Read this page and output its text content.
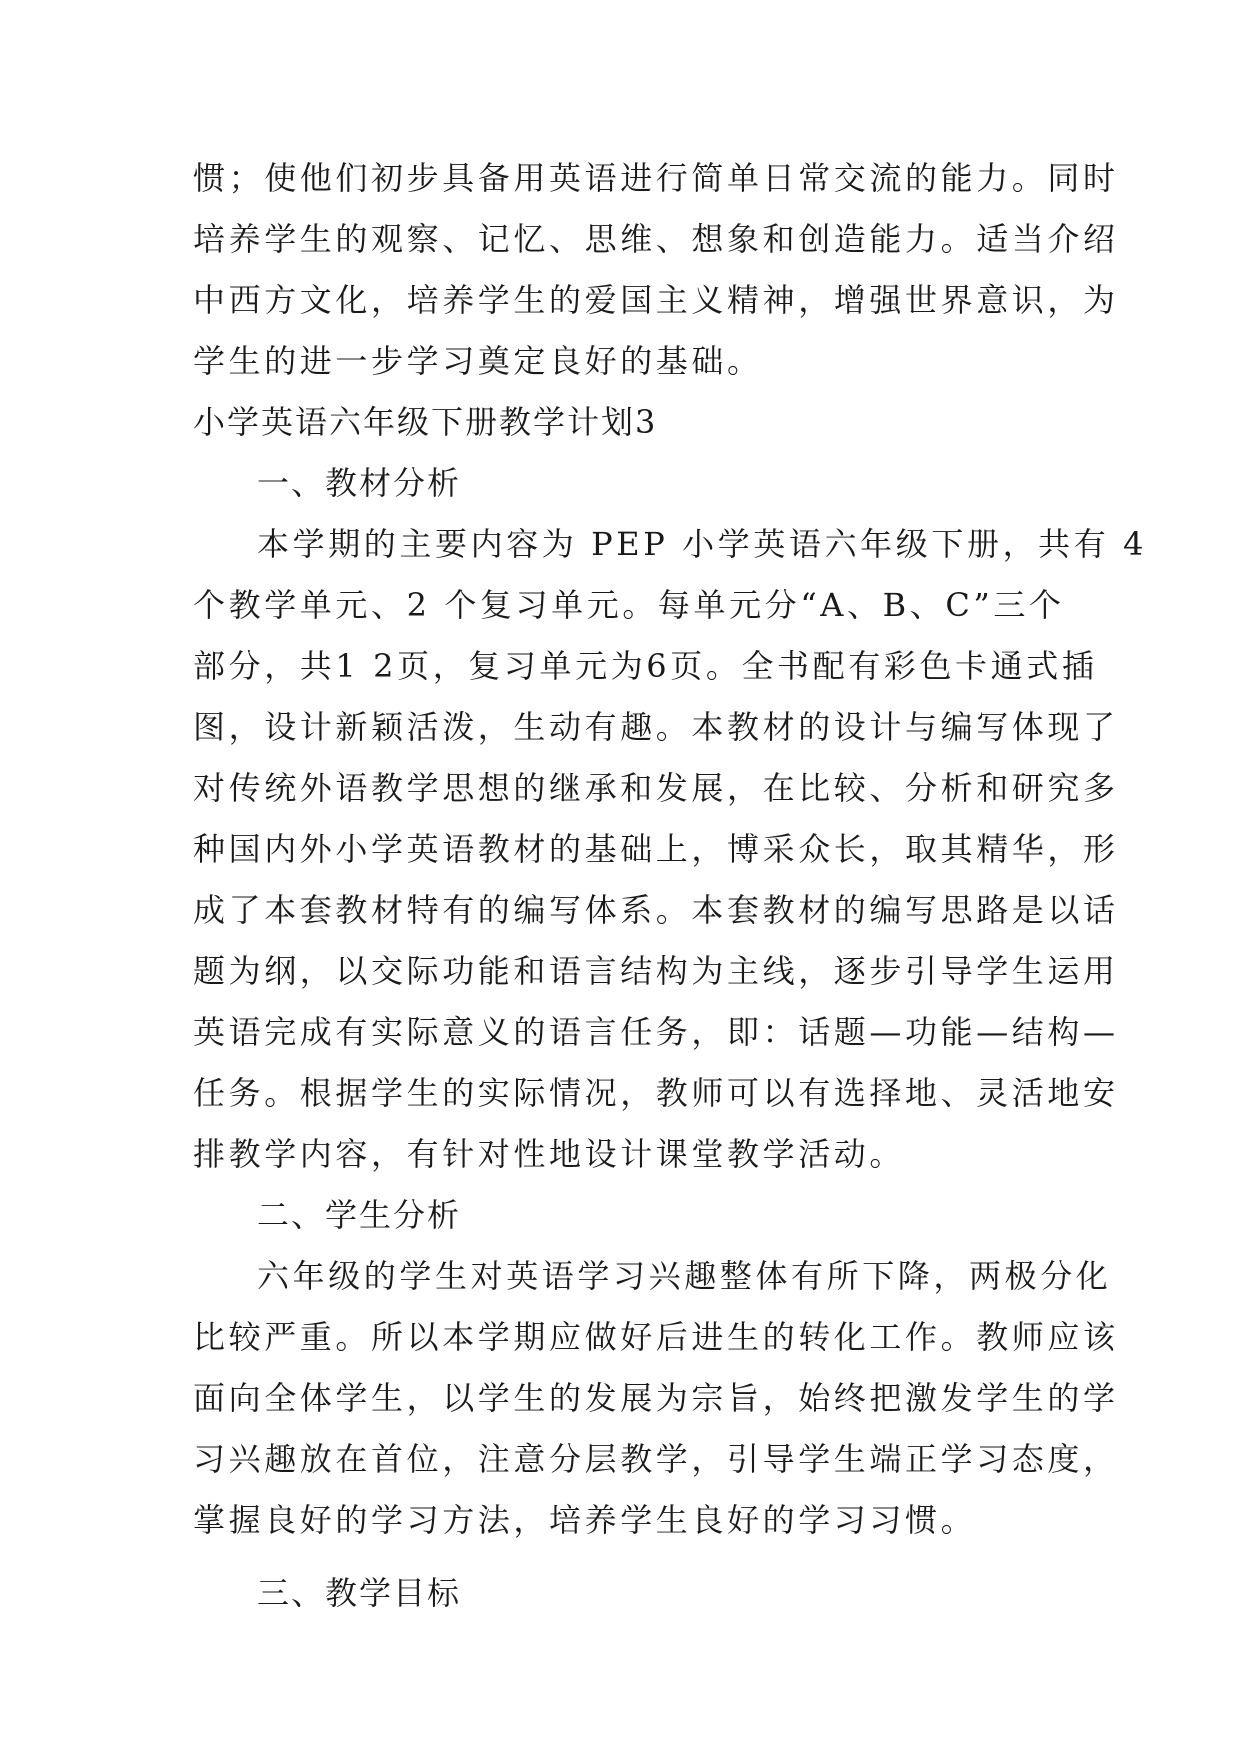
惯；使他们初步具备用英语进行简单日常交流的能力。同时
培养学生的观察、记忆、思维、想象和创造能力。适当介绍
中西方文化，培养学生的爱国主义精神，增强世界意识，为
学生的进一步学习奠定良好的基础。
小学英语六年级下册教学计划3
一、教材分析
本学期的主要内容为 PEP 小学英语六年级下册，共有 4
个教学单元、2 个复习单元。每单元分“A、B、C”三个
部分，共1 2页，复习单元为6页。全书配有彩色卡通式插
图，设计新颖活泼，生动有趣。本教材的设计与编写体现了
对传统外语教学思想的继承和发展，在比较、分析和研究多
种国内外小学英语教材的基础上，博采众长，取其精华，形
成了本套教材特有的编写体系。本套教材的编写思路是以话
题为纲，以交际功能和语言结构为主线，逐步引导学生运用
英语完成有实际意义的语言任务，即：话题—功能—结构—
任务。根据学生的实际情况，教师可以有选择地、灵活地安
排教学内容，有针对性地设计课堂教学活动。
二、学生分析
六年级的学生对英语学习兴趣整体有所下降，两极分化
比较严重。所以本学期应做好后进生的转化工作。教师应该
面向全体学生，以学生的发展为宗旨，始终把激发学生的学
习兴趣放在首位，注意分层教学，引导学生端正学习态度，
掌握良好的学习方法，培养学生良好的学习习惯。
三、教学目标
